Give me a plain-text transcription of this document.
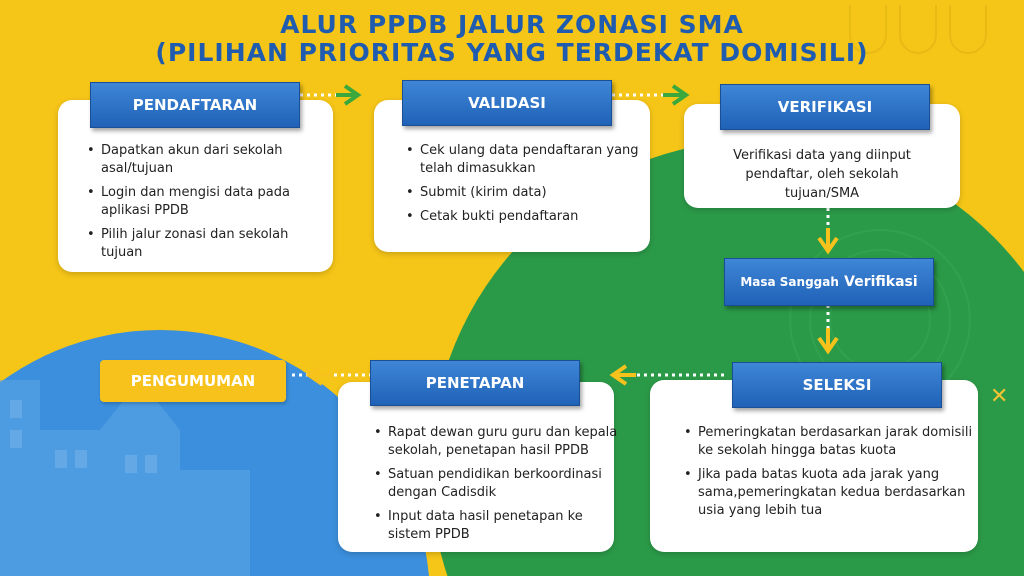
ALUR PPDB JALUR ZONASI SMA
(PILIHAN PRIORITAS YANG TERDEKAT DOMISILI)
• Dapatkan akun dari sekolah asal/tujuan
• Login dan mengisi data pada aplikasi PPDB
• Pilih jalur zonasi dan sekolah tujuan
PENDAFTARAN
• Cek ulang data pendaftaran yang telah dimasukkan
• Submit (kirim data)
• Cetak bukti pendaftaran
VALIDASI
Verifikasi data yang diinput pendaftar, oleh sekolah tujuan/SMA
VERIFIKASI
Masa Sanggah
Verifikasi
• Pemeringkatan berdasarkan jarak domisili ke sekolah hingga batas kuota
• Jika pada batas kuota ada jarak yang sama,pemeringkatan kedua berdasarkan usia yang lebih tua
SELEKSI
• Rapat dewan guru guru dan kepala sekolah, penetapan hasil PPDB
• Satuan pendidikan berkoordinasi dengan Cadisdik
• Input data hasil penetapan ke sistem PPDB
PENETAPAN
PENGUMUMAN
✕
